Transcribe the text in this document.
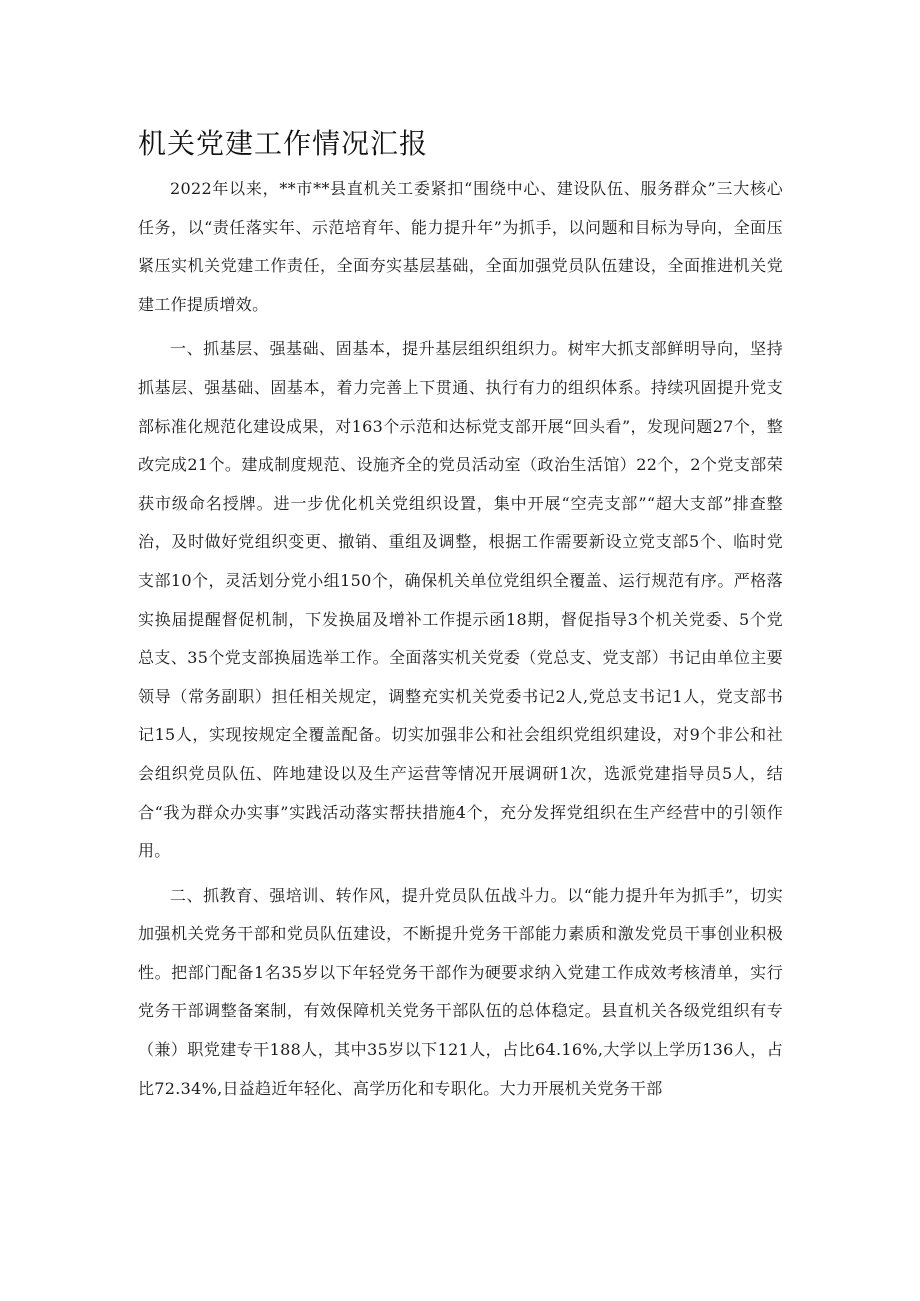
机关党建工作情况汇报

2022年以来，**市**县直机关工委紧扣“围绕中心、建设队伍、服务群众”三大核心任务，以“责任落实年、示范培育年、能力提升年”为抓手，以问题和目标为导向，全面压紧压实机关党建工作责任，全面夯实基层基础，全面加强党员队伍建设，全面推进机关党建工作提质增效。

一、抓基层、强基础、固基本，提升基层组织组织力。树牢大抓支部鲜明导向，坚持抓基层、强基础、固基本，着力完善上下贯通、执行有力的组织体系。持续巩固提升党支部标准化规范化建设成果，对163个示范和达标党支部开展“回头看”，发现问题27个，整改完成21个。建成制度规范、设施齐全的党员活动室（政治生活馆）22个，2个党支部荣获市级命名授牌。进一步优化机关党组织设置，集中开展“空壳支部”“超大支部”排查整治，及时做好党组织变更、撤销、重组及调整，根据工作需要新设立党支部5个、临时党支部10个，灵活划分党小组150个，确保机关单位党组织全覆盖、运行规范有序。严格落实换届提醒督促机制，下发换届及增补工作提示函18期，督促指导3个机关党委、5个党总支、35个党支部换届选举工作。全面落实机关党委（党总支、党支部）书记由单位主要领导（常务副职）担任相关规定，调整充实机关党委书记2人,党总支书记1人，党支部书记15人，实现按规定全覆盖配备。切实加强非公和社会组织党组织建设，对9个非公和社会组织党员队伍、阵地建设以及生产运营等情况开展调研1次，选派党建指导员5人，结合“我为群众办实事”实践活动落实帮扶措施4个，充分发挥党组织在生产经营中的引领作用。

二、抓教育、强培训、转作风，提升党员队伍战斗力。以“能力提升年为抓手”，切实加强机关党务干部和党员队伍建设，不断提升党务干部能力素质和激发党员干事创业积极性。把部门配备1名35岁以下年轻党务干部作为硬要求纳入党建工作成效考核清单，实行党务干部调整备案制，有效保障机关党务干部队伍的总体稳定。县直机关各级党组织有专（兼）职党建专干188人，其中35岁以下121人，占比64.16%,大学以上学历136人，占比72.34%,日益趋近年轻化、高学历化和专职化。大力开展机关党务干部
